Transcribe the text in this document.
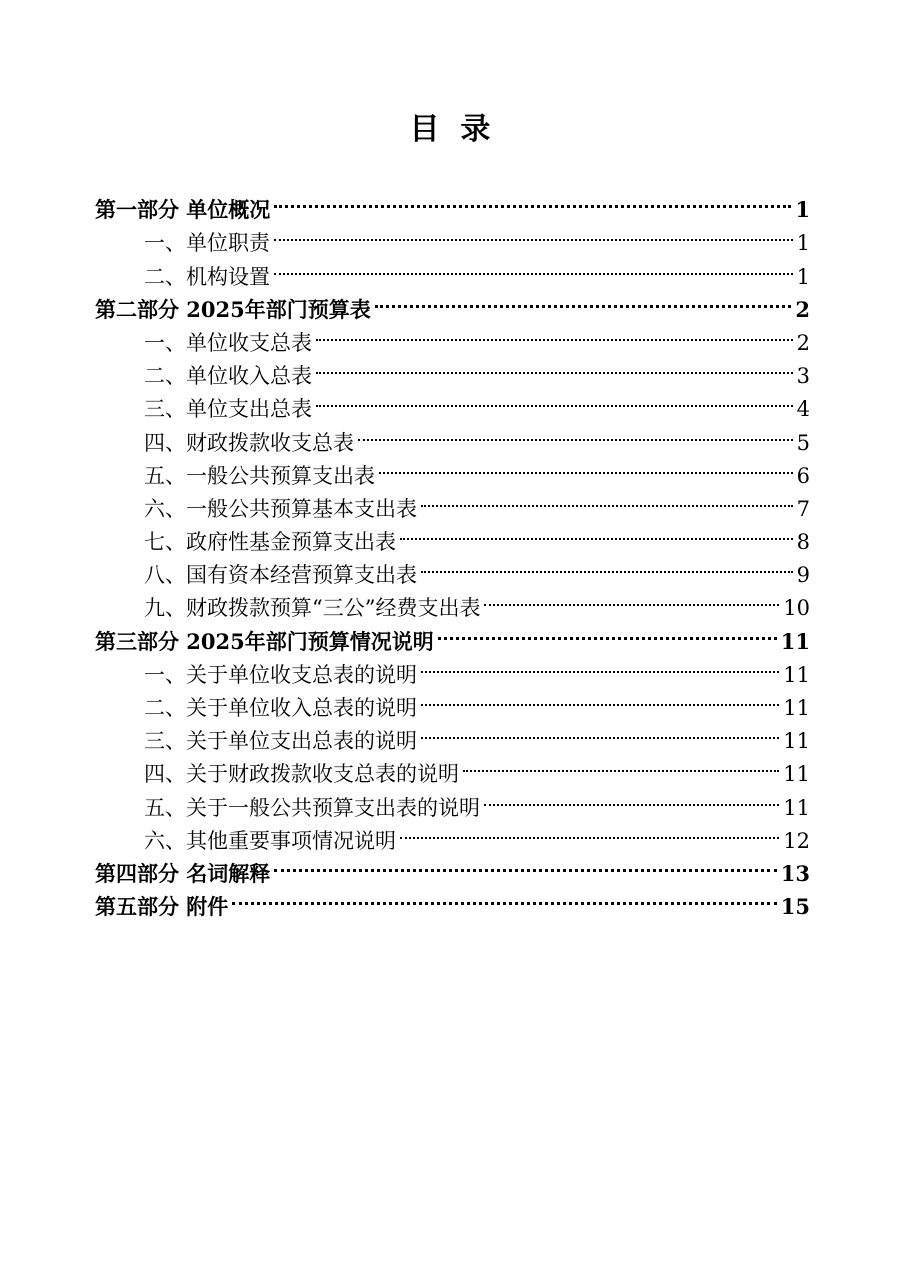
目  录
第一部分 单位概况	1
一、单位职责	1
二、机构设置	1
第二部分 2025年部门预算表	2
一、单位收支总表	2
二、单位收入总表	3
三、单位支出总表	4
四、财政拨款收支总表	5
五、一般公共预算支出表	6
六、一般公共预算基本支出表	7
七、政府性基金预算支出表	8
八、国有资本经营预算支出表	9
九、财政拨款预算“三公”经费支出表	10
第三部分 2025年部门预算情况说明	11
一、关于单位收支总表的说明	11
二、关于单位收入总表的说明	11
三、关于单位支出总表的说明	11
四、关于财政拨款收支总表的说明	11
五、关于一般公共预算支出表的说明	11
六、其他重要事项情况说明	12
第四部分 名词解释	13
第五部分 附件	15
